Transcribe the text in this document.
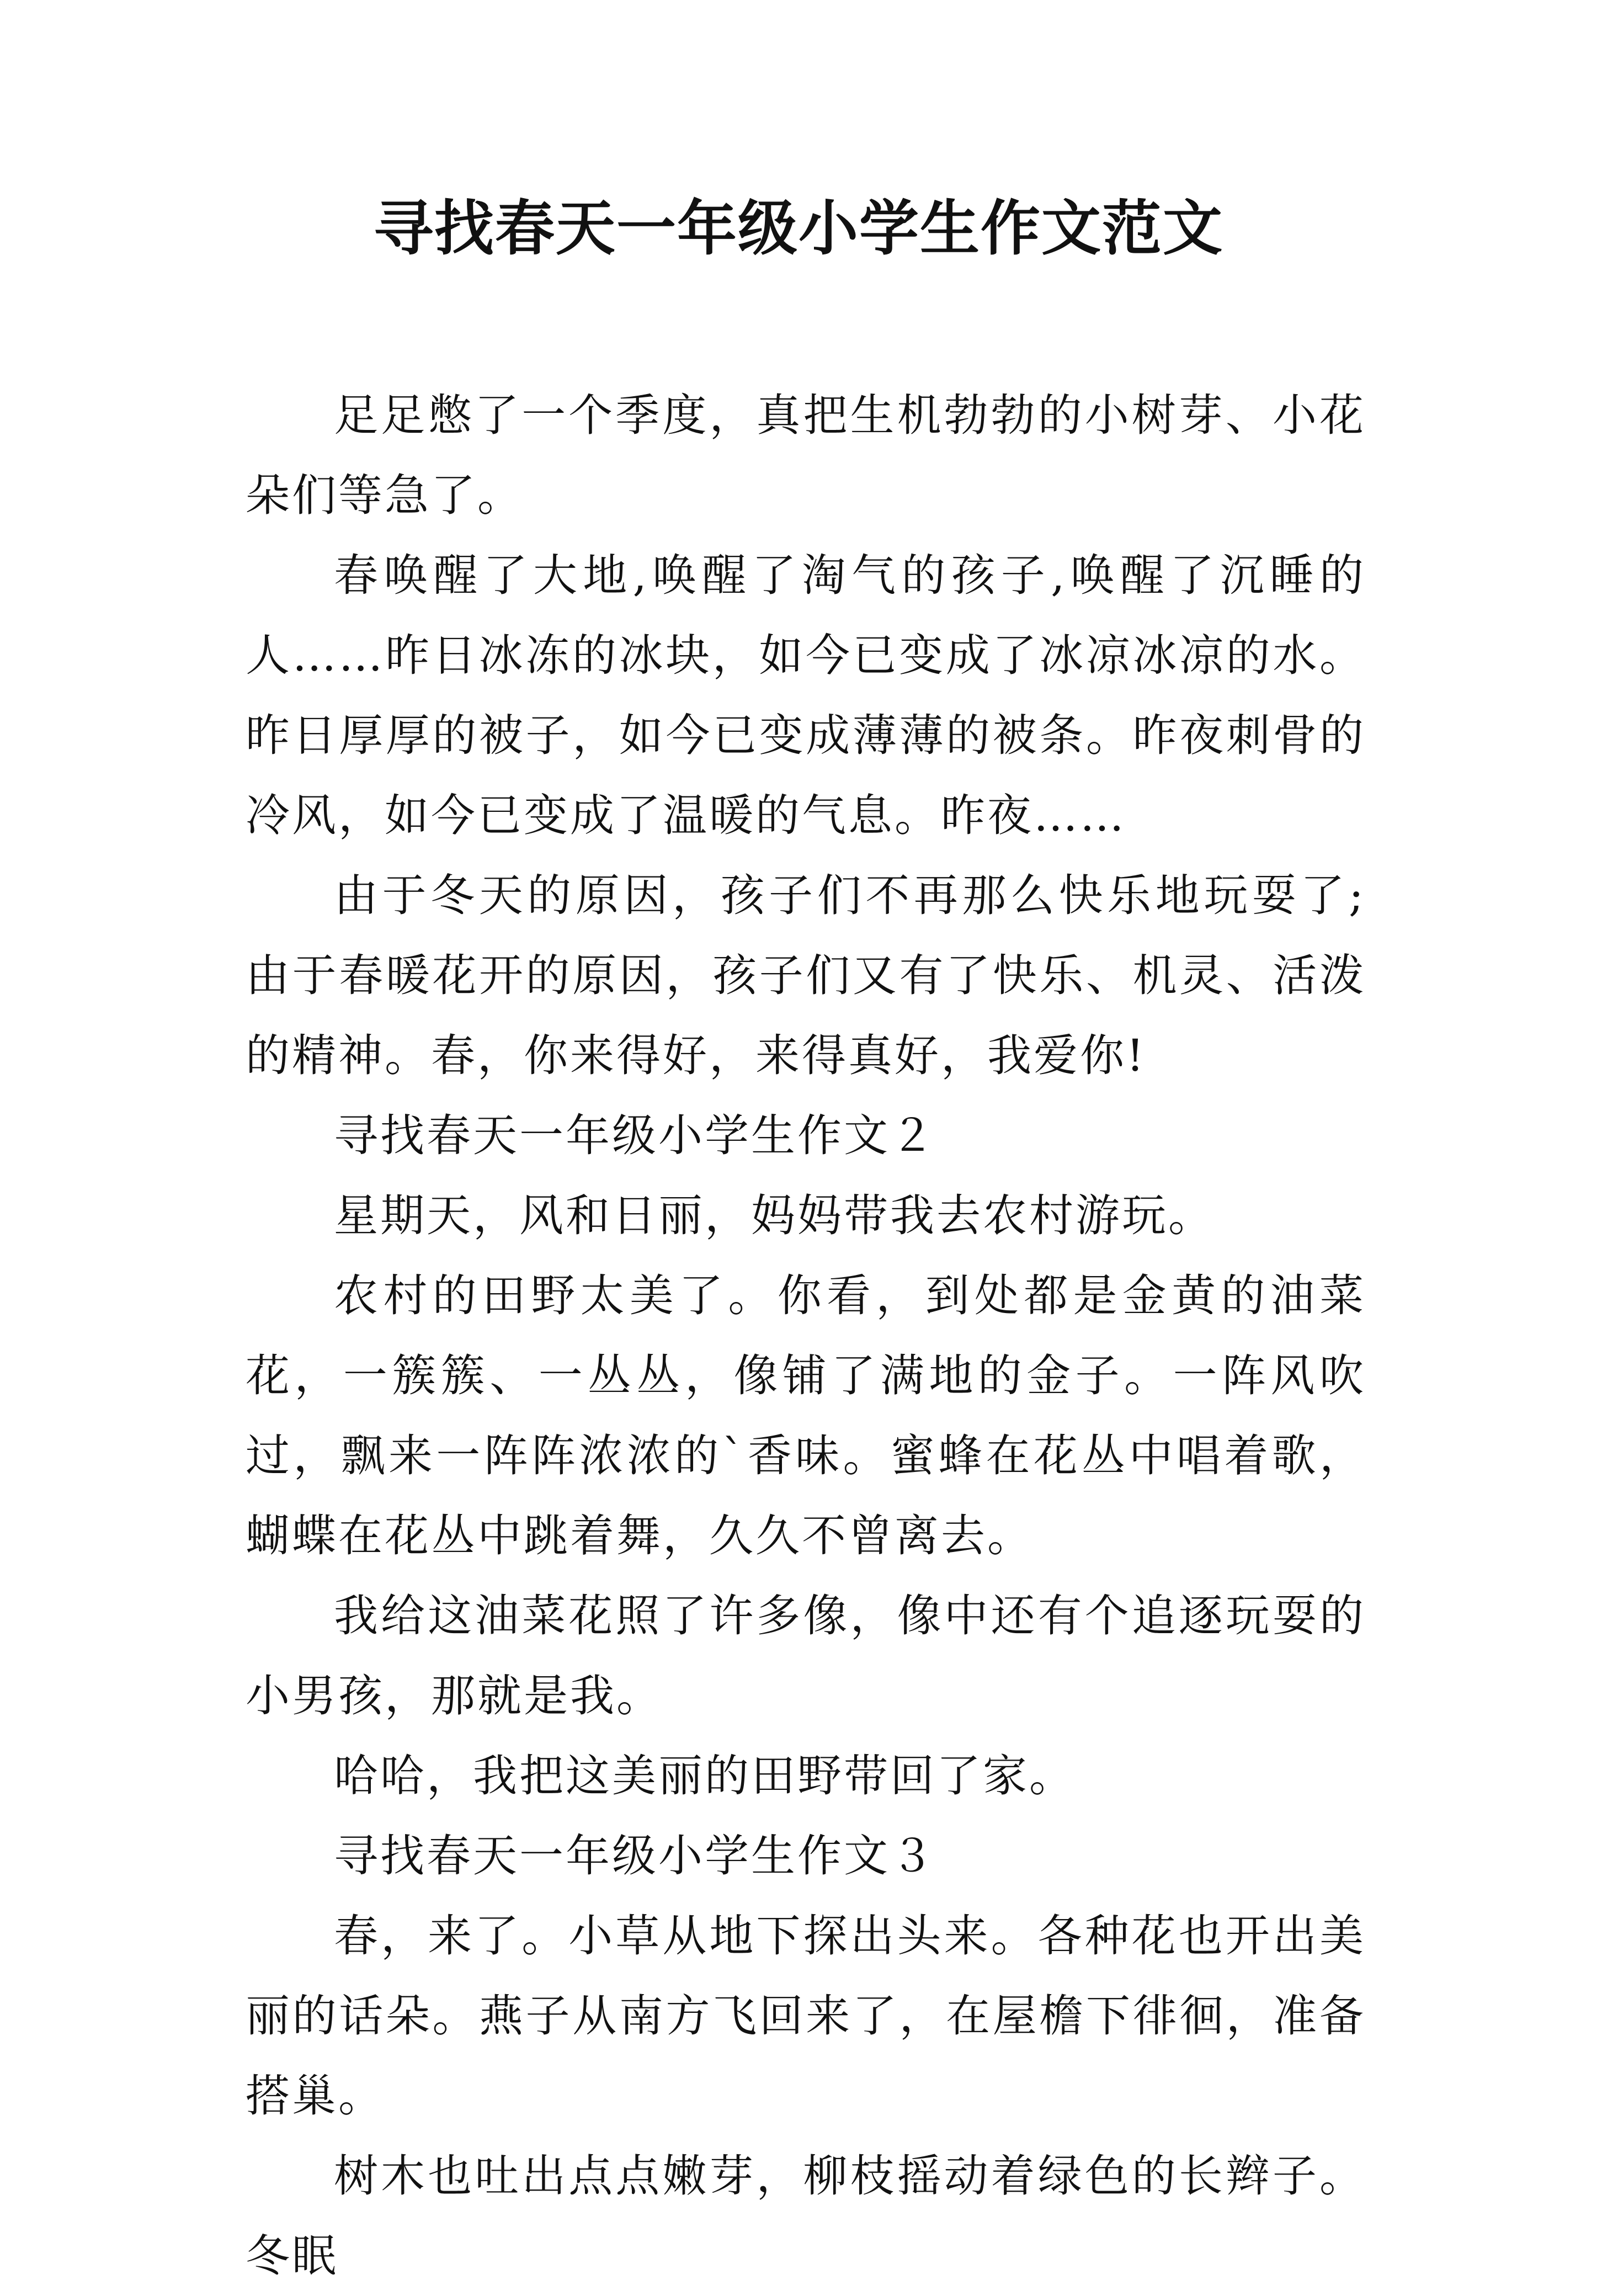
寻找春天一年级小学生作文范文

足足憋了一个季度，真把生机勃勃的小树芽、小花朵们等急了。

春唤醒了大地,唤醒了淘气的孩子,唤醒了沉睡的人……昨日冰冻的冰块，如今已变成了冰凉冰凉的水。昨日厚厚的被子，如今已变成薄薄的被条。昨夜刺骨的冷风，如今已变成了温暖的气息。昨夜……

由于冬天的原因，孩子们不再那么快乐地玩耍了;由于春暖花开的原因，孩子们又有了快乐、机灵、活泼的精神。春，你来得好，来得真好，我爱你!

寻找春天一年级小学生作文２

星期天，风和日丽，妈妈带我去农村游玩。

农村的田野太美了。你看，到处都是金黄的油菜花，一簇簇、一丛丛，像铺了满地的金子。一阵风吹过，飘来一阵阵浓浓的`香味。蜜蜂在花丛中唱着歌，蝴蝶在花丛中跳着舞，久久不曾离去。

我给这油菜花照了许多像，像中还有个追逐玩耍的小男孩，那就是我。

哈哈，我把这美丽的田野带回了家。

寻找春天一年级小学生作文３

春，来了。小草从地下探出头来。各种花也开出美丽的话朵。燕子从南方飞回来了，在屋檐下徘徊，准备搭巢。

树木也吐出点点嫩芽，柳枝摇动着绿色的长辫子。冬眠
